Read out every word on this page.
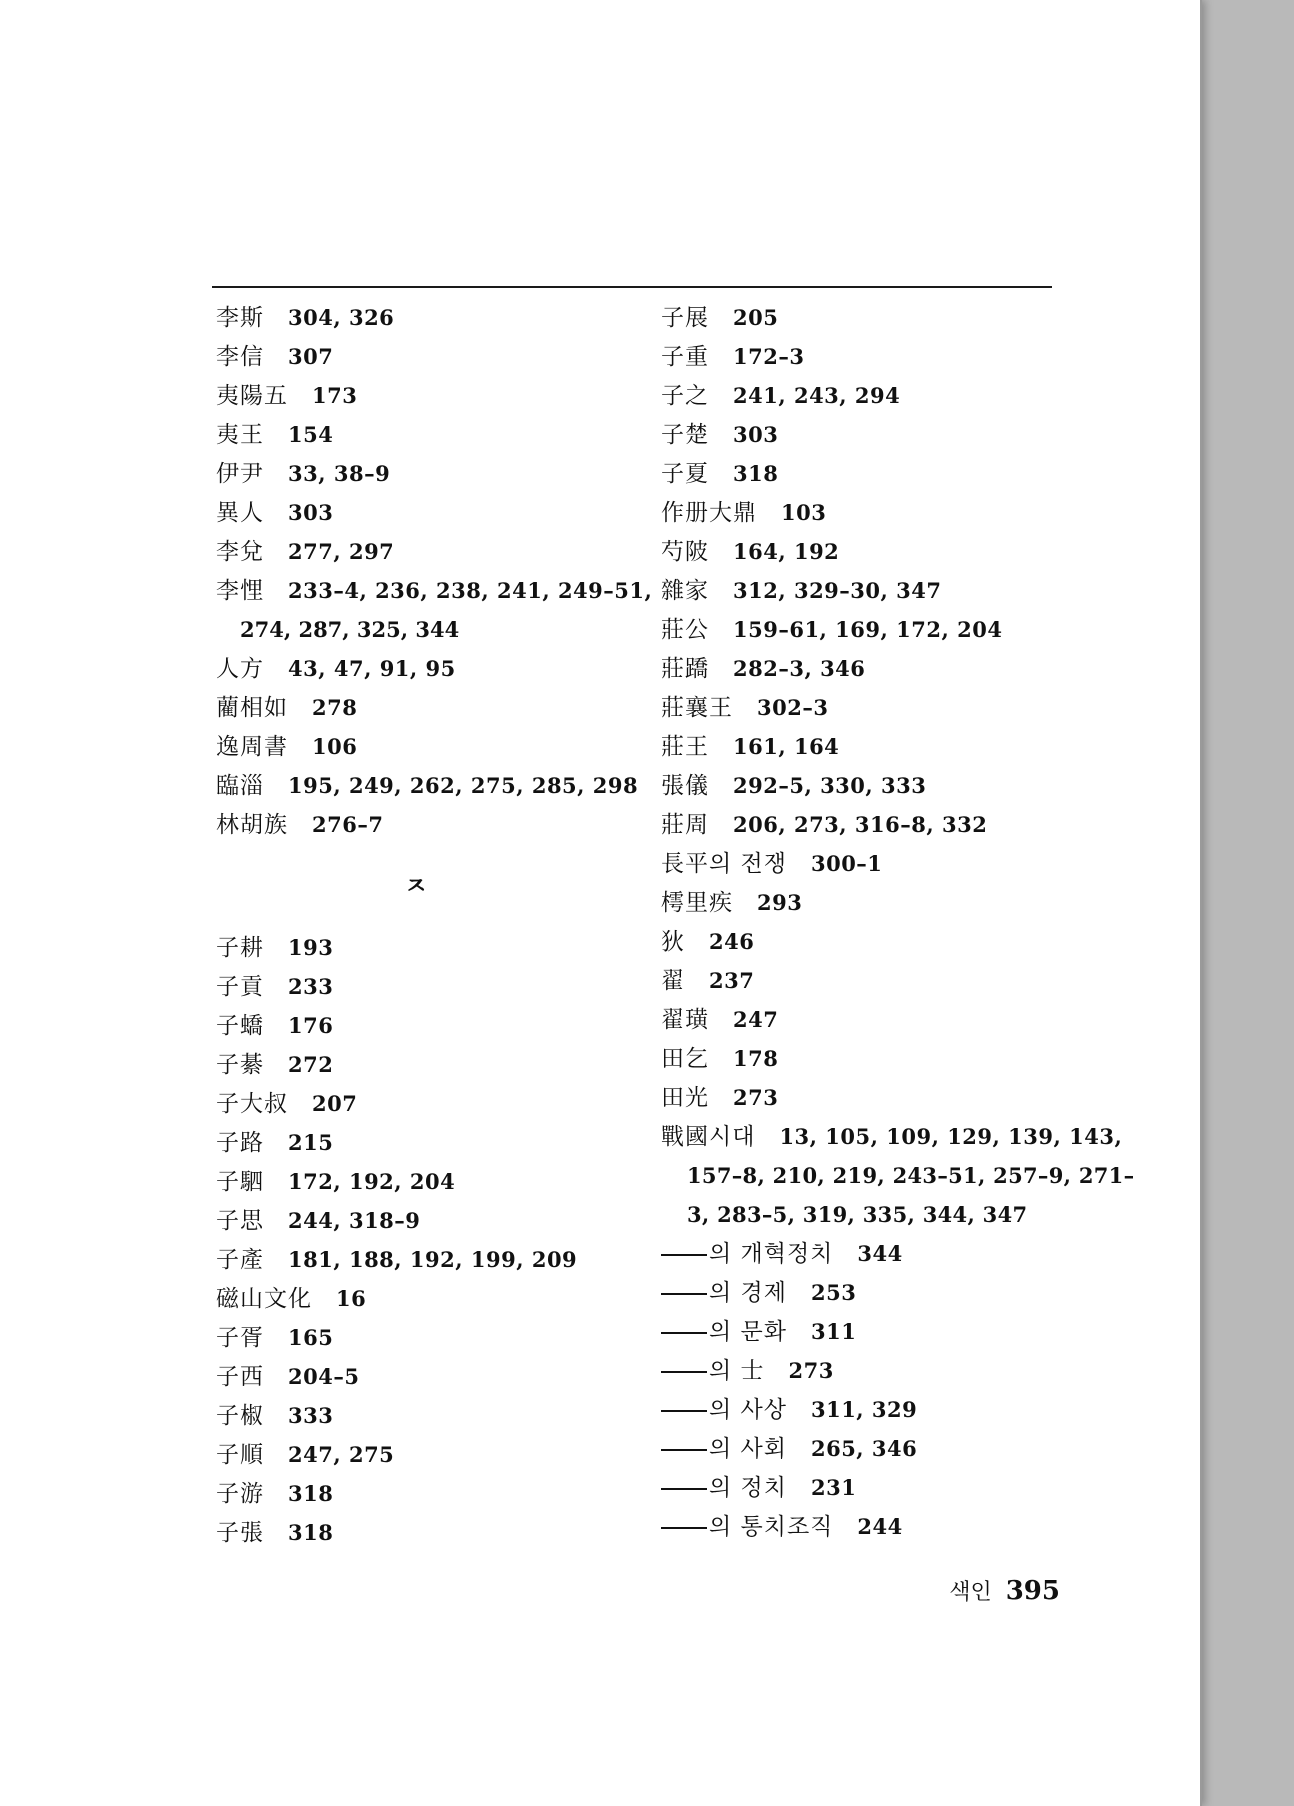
李斯 304, 326
李信 307
夷陽五 173
夷王 154
伊尹 33, 38–9
異人 303
李兌 277, 297
李悝 233–4, 236, 238, 241, 249–51,
274, 287, 325, 344
人方 43, 47, 91, 95
藺相如 278
逸周書 106
臨淄 195, 249, 262, 275, 285, 298
林胡族 276–7
ㅈ
子耕 193
子貢 233
子蟜 176
子綦 272
子大叔 207
子路 215
子駟 172, 192, 204
子思 244, 318–9
子產 181, 188, 192, 199, 209
磁山文化 16
子胥 165
子西 204–5
子椒 333
子順 247, 275
子游 318
子張 318
子展 205
子重 172–3
子之 241, 243, 294
子楚 303
子夏 318
作册大鼎 103
芍陂 164, 192
雜家 312, 329–30, 347
莊公 159–61, 169, 172, 204
莊蹻 282–3, 346
莊襄王 302–3
莊王 161, 164
張儀 292–5, 330, 333
莊周 206, 273, 316–8, 332
長平의 전쟁 300–1
樗里疾 293
狄 246
翟 237
翟璜 247
田乞 178
田光 273
戰國시대 13, 105, 109, 129, 139, 143,
157–8, 210, 219, 243–51, 257–9, 271–
3, 283–5, 319, 335, 344, 347
의 개혁정치 344
의 경제 253
의 문화 311
의 士 273
의 사상 311, 329
의 사회 265, 346
의 정치 231
의 통치조직 244
색인 395
